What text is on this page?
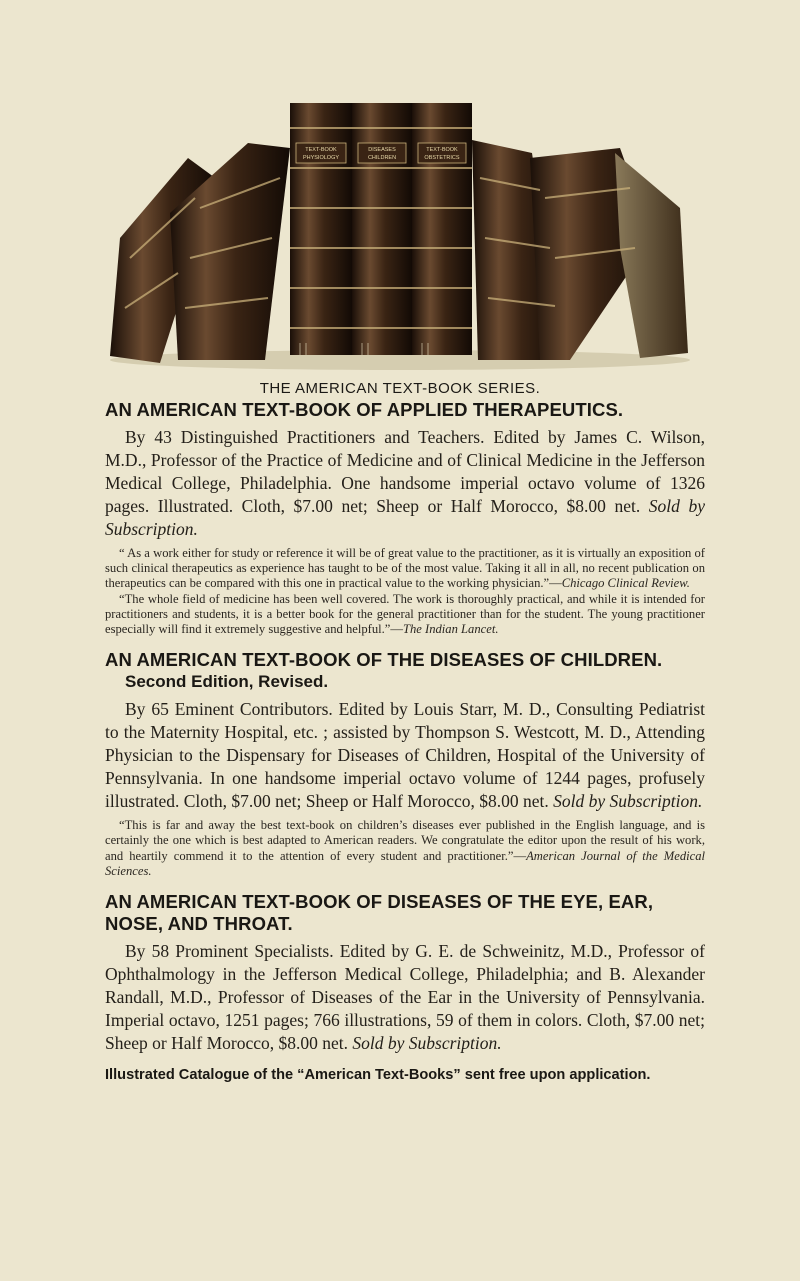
TEXT-BOOK
PHYSIOLOGY
DISEASES
CHILDREN
TEXT-BOOK
OBSTETRICS
THE AMERICAN TEXT-BOOK SERIES.
AN AMERICAN TEXT-BOOK OF APPLIED THERAPEUTICS.

By 43 Distinguished Practitioners and Teachers. Edited by James C. Wilson, M.D., Professor of the Practice of Medicine and of Clinical Medicine in the Jefferson Medical College, Philadelphia. One handsome imperial octavo volume of 1326 pages. Illustrated. Cloth, $7.00 net; Sheep or Half Morocco, $8.00 net. Sold by Subscription.

“ As a work either for study or reference it will be of great value to the practitioner, as it is virtually an exposition of such clinical therapeutics as experience has taught to be of the most value. Taking it all in all, no recent publication on therapeutics can be compared with this one in practical value to the working physician.”—Chicago Clinical Review.

“The whole field of medicine has been well covered. The work is thoroughly practical, and while it is intended for practitioners and students, it is a better book for the general practitioner than for the student. The young practitioner especially will find it extremely suggestive and helpful.”—The Indian Lancet.

AN AMERICAN TEXT-BOOK OF THE DISEASES OF CHILDREN.
Second Edition, Revised.

By 65 Eminent Contributors. Edited by Louis Starr, M. D., Consulting Pediatrist to the Maternity Hospital, etc. ; assisted by Thompson S. Westcott, M. D., Attending Physician to the Dispensary for Diseases of Children, Hospital of the University of Pennsylvania. In one handsome imperial octavo volume of 1244 pages, profusely illustrated. Cloth, $7.00 net; Sheep or Half Morocco, $8.00 net. Sold by Subscription.

“This is far and away the best text-book on children’s diseases ever published in the English language, and is certainly the one which is best adapted to American readers. We congratulate the editor upon the result of his work, and heartily commend it to the attention of every student and practitioner.”—American Journal of the Medical Sciences.

AN AMERICAN TEXT-BOOK OF DISEASES OF THE EYE, EAR, NOSE, AND THROAT.

By 58 Prominent Specialists. Edited by G. E. de Schweinitz, M.D., Professor of Ophthalmology in the Jefferson Medical College, Philadelphia; and B. Alexander Randall, M.D., Professor of Diseases of the Ear in the University of Pennsylvania. Imperial octavo, 1251 pages; 766 illustrations, 59 of them in colors. Cloth, $7.00 net; Sheep or Half Morocco, $8.00 net. Sold by Subscription.

Illustrated Catalogue of the “American Text-Books” sent free upon application.
